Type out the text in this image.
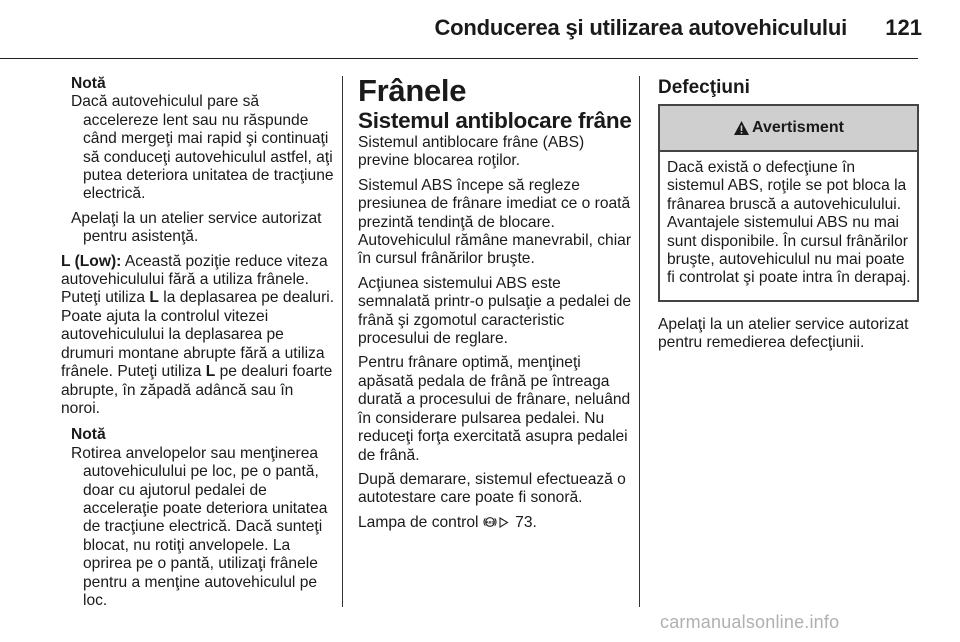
Conducerea şi utilizarea autovehiculului 121

Notă

Dacă autovehiculul pare să accelereze lent sau nu răspunde când mergeţi mai rapid şi continuaţi să conduceţi autovehiculul astfel, aţi putea deteriora unitatea de tracţiune electrică.

Apelaţi la un atelier service autorizat pentru asistenţă.

L (Low): Această poziţie reduce viteza autovehiculului fără a utiliza frânele. Puteţi utiliza L la deplasarea pe dealuri. Poate ajuta la controlul vitezei autovehiculului la deplasarea pe drumuri montane abrupte fără a utiliza frânele. Puteţi utiliza L pe dealuri foarte abrupte, în zăpadă adâncă sau în noroi.

Notă

Rotirea anvelopelor sau menţinerea autovehiculului pe loc, pe o pantă, doar cu ajutorul pedalei de acceleraţie poate deteriora unitatea de tracţiune electrică. Dacă sunteţi blocat, nu rotiţi anvelopele. La oprirea pe o pantă, utilizaţi frânele pentru a menţine autovehiculul pe loc.

Frânele

Sistemul antiblocare frâne

Sistemul antiblocare frâne (ABS) previne blocarea roţilor.

Sistemul ABS începe să regleze presiunea de frânare imediat ce o roată prezintă tendinţă de blocare. Autovehiculul rămâne manevrabil, chiar în cursul frânărilor bruşte.

Acţiunea sistemului ABS este semnalată printr-o pulsaţie a pedalei de frână şi zgomotul caracteristic procesului de reglare.

Pentru frânare optimă, menţineţi apăsată pedala de frână pe întreaga durată a procesului de frânare, neluând în considerare pulsarea pedalei. Nu reduceţi forţa exercitată asupra pedalei de frână.

După demarare, sistemul efectuează o autotestare care poate fi sonoră.

Lampa de control ABS 73.

Defecţiuni

Avertisment
Dacă există o defecţiune în sistemul ABS, roţile se pot bloca la frânarea bruscă a autovehiculului. Avantajele sistemului ABS nu mai sunt disponibile. În cursul frânărilor bruşte, autovehiculul nu mai poate fi controlat şi poate intra în derapaj.

Apelaţi la un atelier service autorizat pentru remedierea defecţiunii.

carmanualsonline.info
